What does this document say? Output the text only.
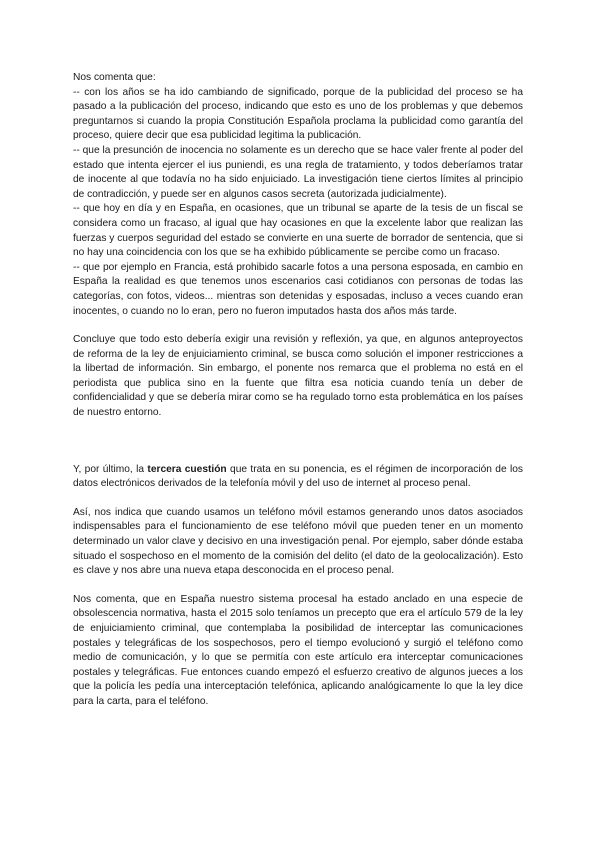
Nos comenta que:

-- con los años se ha ido cambiando de significado, porque de la publicidad del proceso se ha pasado a la publicación del proceso, indicando que esto es uno de los problemas y que debemos preguntarnos si cuando la propia Constitución Española proclama la publicidad como garantía del proceso, quiere decir que esa publicidad legitima la publicación.

-- que la presunción de inocencia no solamente es un derecho que se hace valer frente al poder del estado que intenta ejercer el ius puniendi, es una regla de tratamiento, y todos deberíamos tratar de inocente al que todavía no ha sido enjuiciado. La investigación tiene ciertos límites al principio de contradicción, y puede ser en algunos casos secreta (autorizada judicialmente).

-- que hoy en día y en España, en ocasiones, que un tribunal se aparte de la tesis de un fiscal se considera como un fracaso, al igual que hay ocasiones en que la excelente labor que realizan las fuerzas y cuerpos seguridad del estado se convierte en una suerte de borrador de sentencia, que si no hay una coincidencia con los que se ha exhibido públicamente se percibe como un fracaso.

-- que por ejemplo en Francia, está prohibido sacarle fotos a una persona esposada, en cambio en España la realidad es que tenemos unos escenarios casi cotidianos con personas de todas las categorías, con fotos, videos... mientras son detenidas y esposadas, incluso a veces cuando eran inocentes, o cuando no lo eran, pero no fueron imputados hasta dos años más tarde.

Concluye que todo esto debería exigir una revisión y reflexión, ya que, en algunos anteproyectos de reforma de la ley de enjuiciamiento criminal, se busca como solución el imponer restricciones a la libertad de información. Sin embargo, el ponente nos remarca que el problema no está en el periodista que publica sino en la fuente que filtra esa noticia cuando tenía un deber de confidencialidad y que se debería mirar como se ha regulado torno esta problemática en los países de nuestro entorno.

Y, por último, la tercera cuestión que trata en su ponencia, es el régimen de incorporación de los datos electrónicos derivados de la telefonía móvil y del uso de internet al proceso penal.

Así, nos indica que cuando usamos un teléfono móvil estamos generando unos datos asociados indispensables para el funcionamiento de ese teléfono móvil que pueden tener en un momento determinado un valor clave y decisivo en una investigación penal. Por ejemplo, saber dónde estaba situado el sospechoso en el momento de la comisión del delito (el dato de la geolocalización). Esto es clave y nos abre una nueva etapa desconocida en el proceso penal.

Nos comenta, que en España nuestro sistema procesal ha estado anclado en una especie de obsolescencia normativa, hasta el 2015 solo teníamos un precepto que era el artículo 579 de la ley de enjuiciamiento criminal, que contemplaba la posibilidad de interceptar las comunicaciones postales y telegráficas de los sospechosos, pero el tiempo evolucionó y surgió el teléfono como medio de comunicación, y lo que se permitía con este artículo era interceptar comunicaciones postales y telegráficas. Fue entonces cuando empezó el esfuerzo creativo de algunos jueces a los que la policía les pedía una interceptación telefónica, aplicando analógicamente lo que la ley dice para la carta, para el teléfono.
